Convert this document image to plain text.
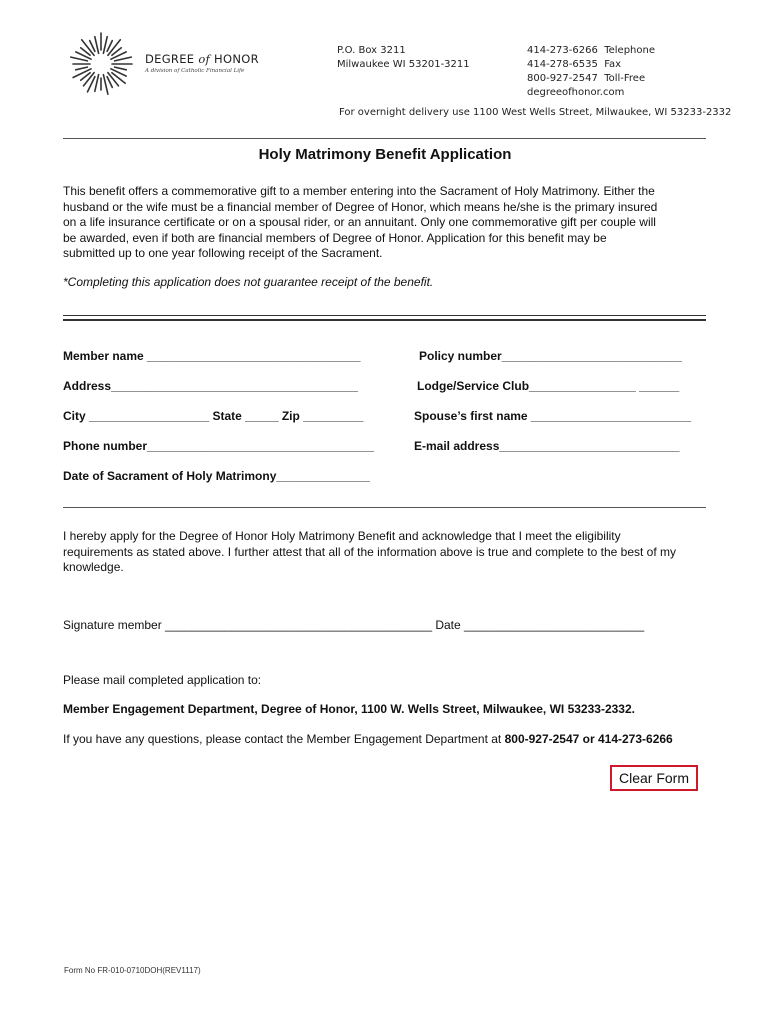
DEGREE of HONOR
A division of Catholic Financial Life
P.O. Box 3211
Milwaukee WI 53201-3211
414-273-6266 Telephone
414-278-6535 Fax
800-927-2547 Toll-Free
degreeofhonor.com
For overnight delivery use 1100 West Wells Street, Milwaukee, WI 53233-2332
Holy Matrimony Benefit Application
This benefit offers a commemorative gift to a member entering into the Sacrament of Holy Matrimony. Either the
husband or the wife must be a financial member of Degree of Honor, which means he/she is the primary insured
on a life insurance certificate or on a spousal rider, or an annuitant. Only one commemorative gift per couple will
be awarded, even if both are financial members of Degree of Honor. Application for this benefit may be
submitted up to one year following receipt of the Sacrament.
*Completing this application does not guarantee receipt of the benefit.
Member name ________________________________	Policy number___________________________
Address_____________________________________	Lodge/Service Club________________ ______
City __________________ State _____ Zip _________	Spouse’s first name ________________________
Phone number__________________________________	E-mail address___________________________
Date of Sacrament of Holy Matrimony______________
I hereby apply for the Degree of Honor Holy Matrimony Benefit and acknowledge that I meet the eligibility
requirements as stated above. I further attest that all of the information above is true and complete to the best of my
knowledge.
Signature member ________________________________________ Date ___________________________
Please mail completed application to:
Member Engagement Department, Degree of Honor, 1100 W. Wells Street, Milwaukee, WI 53233-2332.
If you have any questions, please contact the Member Engagement Department at 800-927-2547 or 414-273-6266
Clear Form
Form No FR-010-0710DOH(REV1117)
